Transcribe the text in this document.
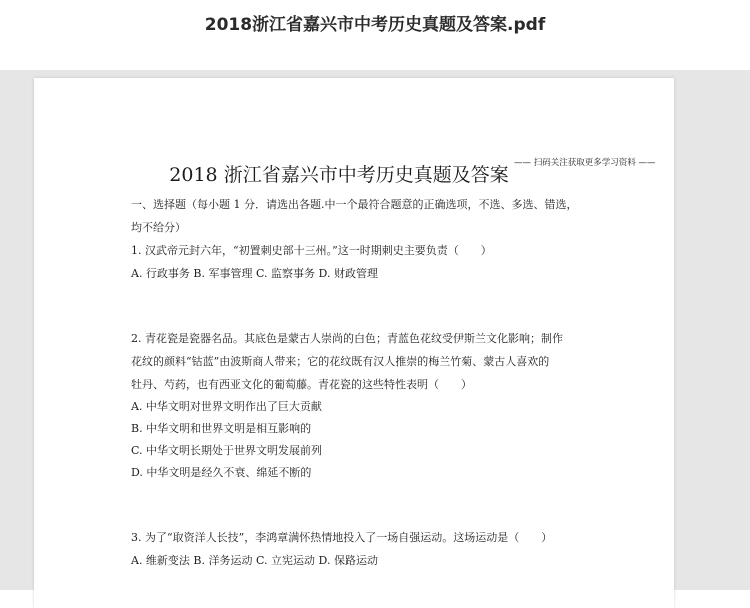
2018浙江省嘉兴市中考历史真题及答案.pdf
—— 扫码关注获取更多学习资料 ——
2018 浙江省嘉兴市中考历史真题及答案
一、选择题（每小题 1 分．请选出各题.中一个最符合题意的正确选项，不选、多选、错选，
均不给分）
1. 汉武帝元封六年，“初置刺史部十三州。”这一时期刺史主要负责（　　）
A. 行政事务 B. 军事管理 C. 监察事务 D. 财政管理
2. 青花瓷是瓷器名品。其底色是蒙古人崇尚的白色；青蓝色花纹受伊斯兰文化影响；制作
花纹的颜料“钴蓝”由波斯商人带来；它的花纹既有汉人推崇的梅兰竹菊、蒙古人喜欢的
牡丹、芍药，也有西亚文化的葡萄藤。青花瓷的这些特性表明（　　）
A. 中华文明对世界文明作出了巨大贡献
B. 中华文明和世界文明是相互影响的
C. 中华文明长期处于世界文明发展前列
D. 中华文明是经久不衰、绵延不断的
3. 为了“取资洋人长技”，李鸿章满怀热情地投入了一场自强运动。这场运动是（　　）
A. 维新变法 B. 洋务运动 C. 立宪运动 D. 保路运动
